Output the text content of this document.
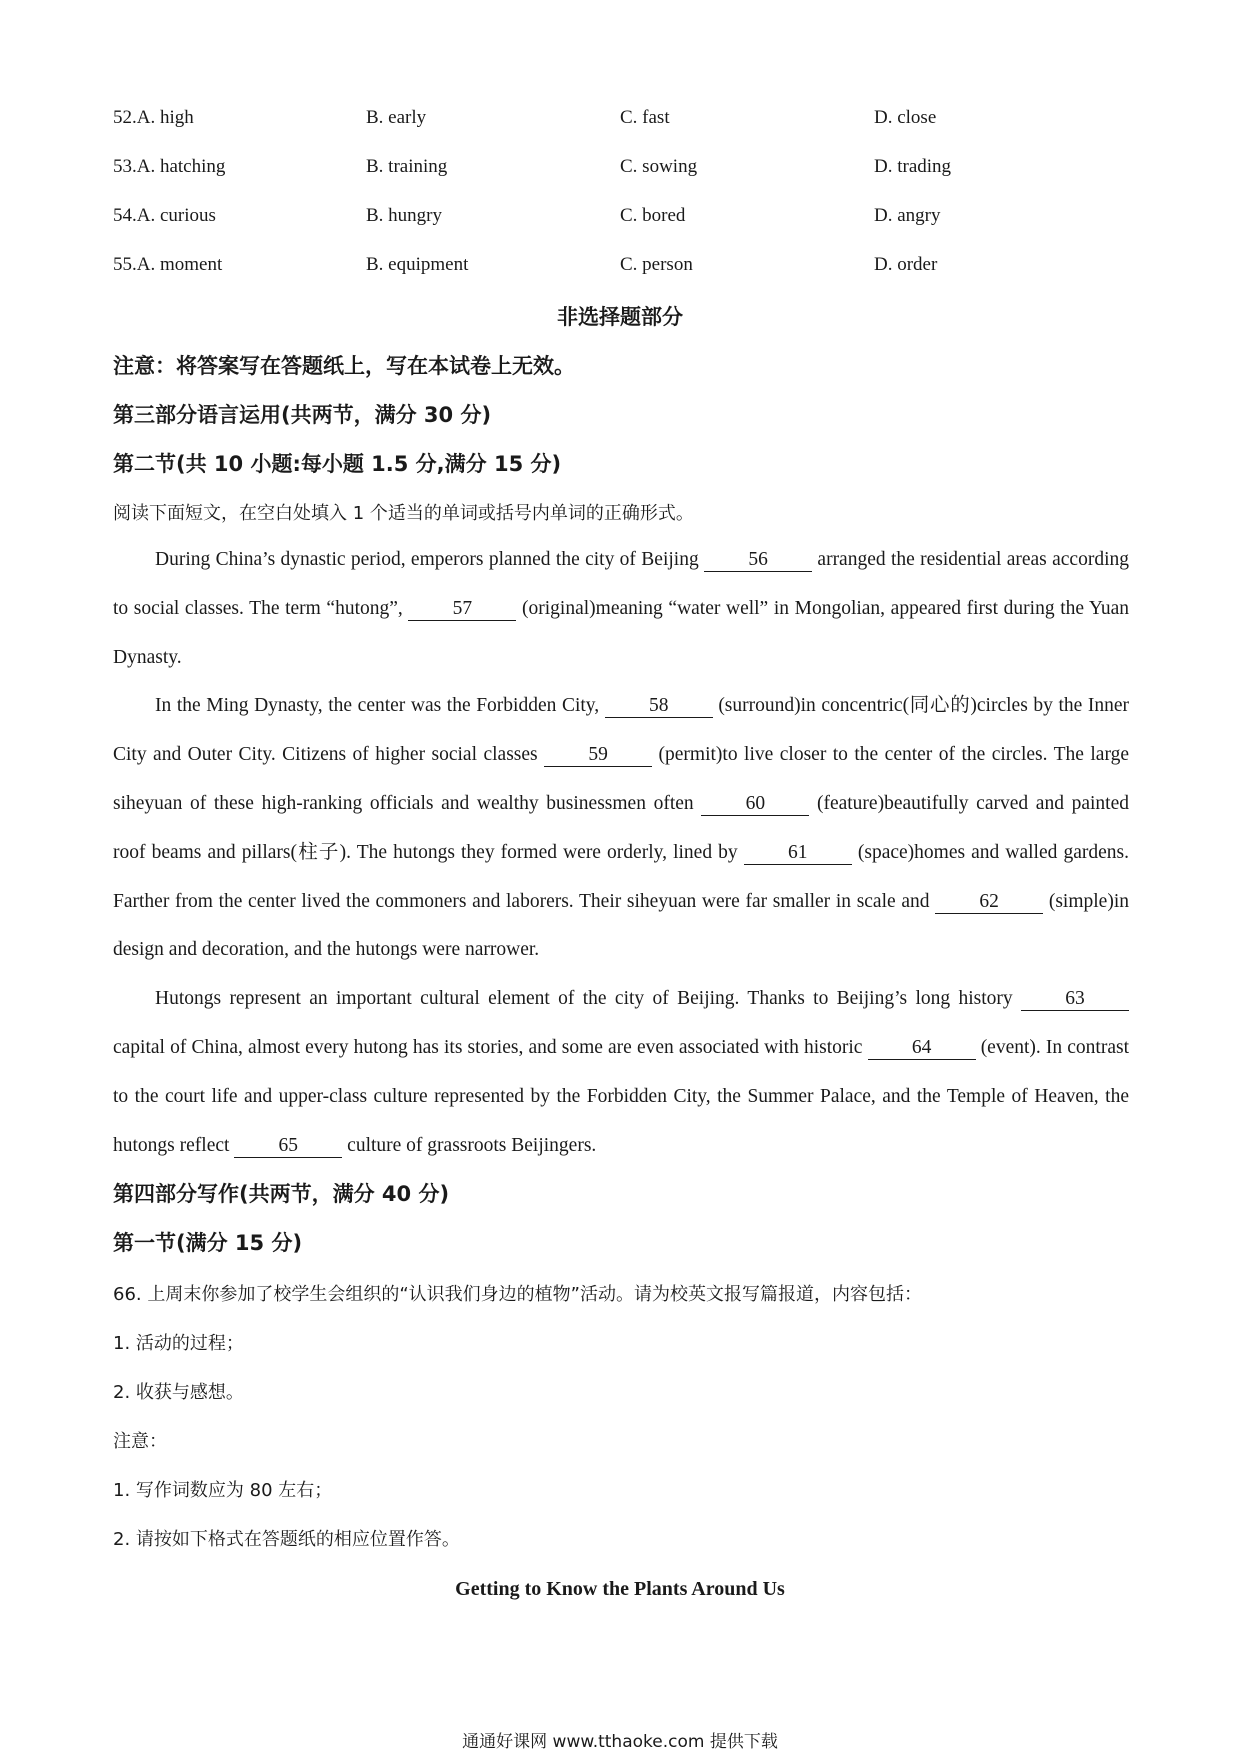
52.A. high	B. early	C. fast	D. close
53.A. hatching	B. training	C. sowing	D. trading
54.A. curious	B. hungry	C. bored	D. angry
55.A. moment	B. equipment	C. person	D. order
非选择题部分
注意：将答案写在答题纸上，写在本试卷上无效。
第三部分语言运用(共两节，满分 30 分)
第二节(共 10 小题:每小题 1.5 分,满分 15 分)
阅读下面短文，在空白处填入 1 个适当的单词或括号内单词的正确形式。

During China’s dynastic period, emperors planned the city of Beijing 56 arranged the residential areas according to social classes. The term “hutong”, 57 (original)meaning “water well” in Mongolian, appeared first during the Yuan Dynasty.

In the Ming Dynasty, the center was the Forbidden City, 58 (surround)in concentric(同心的)circles by the Inner City and Outer City. Citizens of higher social classes 59 (permit)to live closer to the center of the circles. The large siheyuan of these high-ranking officials and wealthy businessmen often 60 (feature)beautifully carved and painted roof beams and pillars(柱子). The hutongs they formed were orderly, lined by 61 (space)homes and walled gardens. Farther from the center lived the commoners and laborers. Their siheyuan were far smaller in scale and 62 (simple)in design and decoration, and the hutongs were narrower.

Hutongs represent an important cultural element of the city of Beijing. Thanks to Beijing’s long history 63 capital of China, almost every hutong has its stories, and some are even associated with historic 64 (event). In contrast to the court life and upper-class culture represented by the Forbidden City, the Summer Palace, and the Temple of Heaven, the hutongs reflect 65 culture of grassroots Beijingers.

第四部分写作(共两节，满分 40 分)
第一节(满分 15 分)
66. 上周末你参加了校学生会组织的“认识我们身边的植物”活动。请为校英文报写篇报道，内容包括：
1. 活动的过程；
2. 收获与感想。
注意：
1. 写作词数应为 80 左右；
2. 请按如下格式在答题纸的相应位置作答。
Getting to Know the Plants Around Us
通通好课网 www.tthaoke.com 提供下载
